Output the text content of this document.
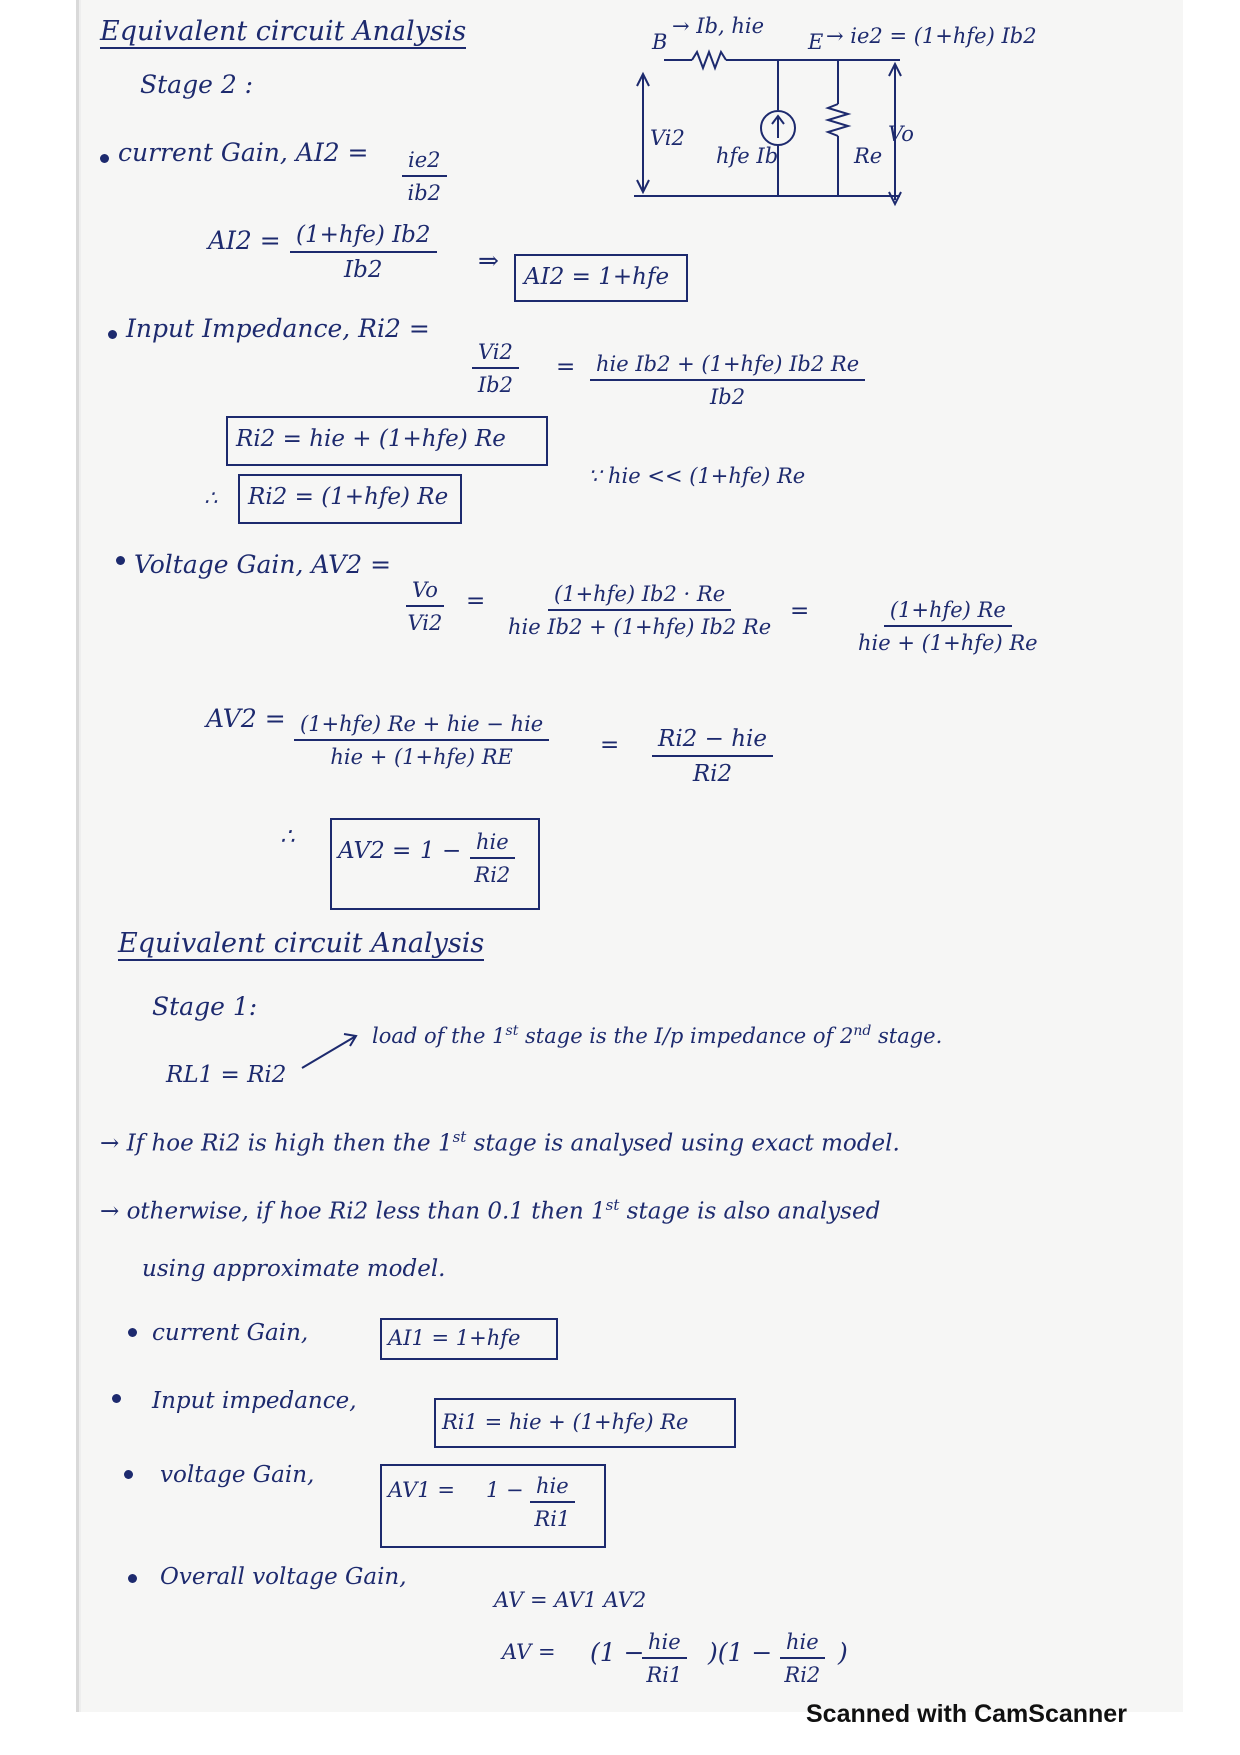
Equivalent circuit Analysis
Stage 2 :
B
→ Ib, hie
E → ie2 = (1+hfe) Ib2
Vi2
hfe Ib	Re
Vo
current Gain, $AI2 = \frac{ie2}{ib2}$
AI2 = (1+hfe) Ib2
Ib2	⇒
AI2 = 1+hfe
Input Impedance, Ri2 =
$\frac{Vi2}{Ib2}$ = hie Ib2 + (1+hfe) Ib2 Re
Ib2
Ri2 = hie + (1+hfe) Re
∵ hie << (1+hfe) Re
∴ Ri2 = (1+hfe) Re
Voltage Gain, AV2 =
$\frac{Vo}{Vi2}$ =	(1+hfe) Ib2 · Re
hie Ib2 + (1+hfe) Ib2 Re
=	(1+hfe) Re
hie + (1+hfe) Re
AV2 = (1+hfe) Re + hie − hie
hie + (1+hfe) RE	= Ri2 − hie
Ri2
∴
AV2 = 1 − hie
Ri2
Equivalent circuit Analysis
Stage 1:
RL1 = Ri2
load of the 1st stage is the I/p impedance of 2nd stage.
→ If hoe Ri2 is high then the 1st stage is analysed using exact model.
→ otherwise, if hoe Ri2 less than 0.1 then 1st stage is also analysed
using approximate model.
current Gain,	AI1 = 1+hfe
Input impedance,
Ri1 = hie + (1+hfe) Re
voltage Gain,
AV1 = 1 − hie
Ri1
Overall voltage Gain,
AV = AV1 AV2
AV = (1 − hie
Ri1
)(1 − hie
Ri2
)
Scanned with CamScanner
